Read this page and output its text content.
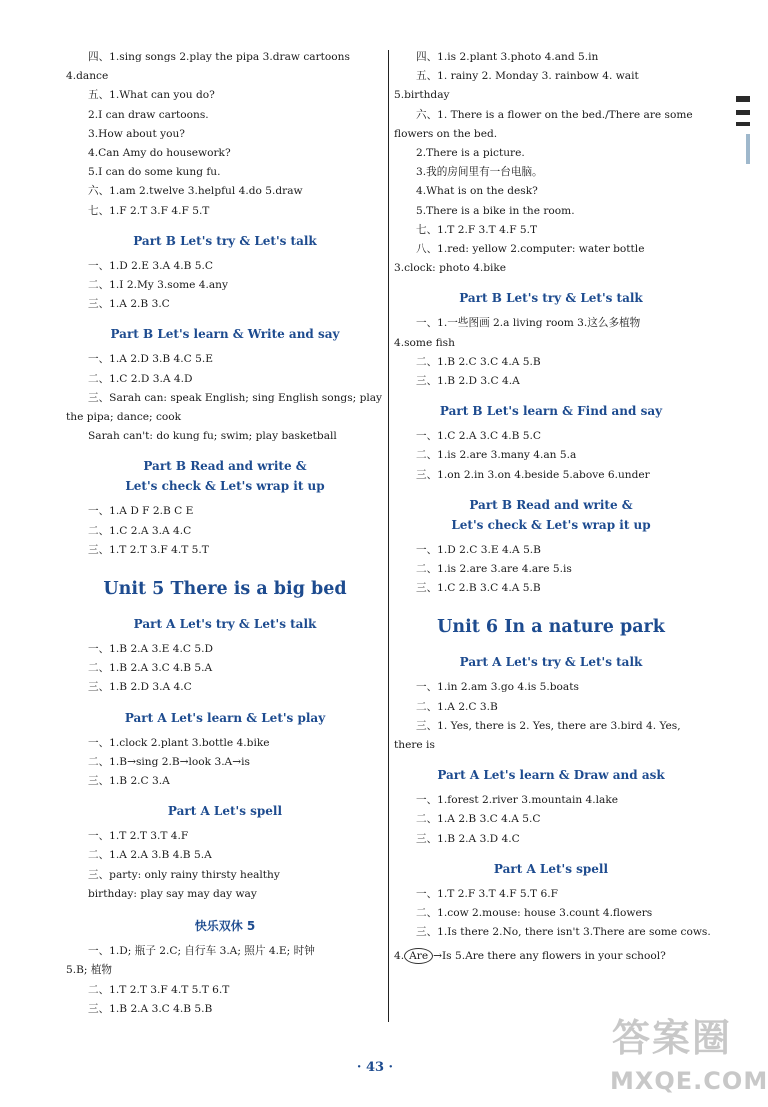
四、1.sing songs 2.play the pipa 3.draw cartoons
4.dance
五、1.What can you do?
2.I can draw cartoons.
3.How about you?
4.Can Amy do housework?
5.I can do some kung fu.
六、1.am 2.twelve 3.helpful 4.do 5.draw
七、1.F 2.T 3.F 4.F 5.T
Part B Let's try & Let's talk
一、1.D 2.E 3.A 4.B 5.C
二、1.I 2.My 3.some 4.any
三、1.A 2.B 3.C
Part B Let's learn & Write and say
一、1.A 2.D 3.B 4.C 5.E
二、1.C 2.D 3.A 4.D
三、Sarah can: speak English; sing English songs; play
the pipa; dance; cook
Sarah can't: do kung fu; swim; play basketball
Part B Read and write &
Let's check & Let's wrap it up
一、1.A D F 2.B C E
二、1.C 2.A 3.A 4.C
三、1.T 2.T 3.F 4.T 5.T
Unit 5 There is a big bed
Part A Let's try & Let's talk
一、1.B 2.A 3.E 4.C 5.D
二、1.B 2.A 3.C 4.B 5.A
三、1.B 2.D 3.A 4.C
Part A Let's learn & Let's play
一、1.clock 2.plant 3.bottle 4.bike
二、1.B→sing 2.B→look 3.A→is
三、1.B 2.C 3.A
Part A Let's spell
一、1.T 2.T 3.T 4.F
二、1.A 2.A 3.B 4.B 5.A
三、party: only rainy thirsty healthy
birthday: play say may day way
快乐双休 5
一、1.D; 瓶子 2.C; 自行车 3.A; 照片 4.E; 时钟
5.B; 植物
二、1.T 2.T 3.F 4.T 5.T 6.T
三、1.B 2.A 3.C 4.B 5.B
四、1.is 2.plant 3.photo 4.and 5.in
五、1. rainy 2. Monday 3. rainbow 4. wait
5.birthday
六、1. There is a flower on the bed./There are some
flowers on the bed.
2.There is a picture.
3.我的房间里有一台电脑。
4.What is on the desk?
5.There is a bike in the room.
七、1.T 2.F 3.T 4.F 5.T
八、1.red: yellow 2.computer: water bottle
3.clock: photo 4.bike
Part B Let's try & Let's talk
一、1.一些图画 2.a living room 3.这么多植物
4.some fish
二、1.B 2.C 3.C 4.A 5.B
三、1.B 2.D 3.C 4.A
Part B Let's learn & Find and say
一、1.C 2.A 3.C 4.B 5.C
二、1.is 2.are 3.many 4.an 5.a
三、1.on 2.in 3.on 4.beside 5.above 6.under
Part B Read and write &
Let's check & Let's wrap it up
一、1.D 2.C 3.E 4.A 5.B
二、1.is 2.are 3.are 4.are 5.is
三、1.C 2.B 3.C 4.A 5.B
Unit 6 In a nature park
Part A Let's try & Let's talk
一、1.in 2.am 3.go 4.is 5.boats
二、1.A 2.C 3.B
三、1. Yes, there is 2. Yes, there are 3.bird 4. Yes,
there is
Part A Let's learn & Draw and ask
一、1.forest 2.river 3.mountain 4.lake
二、1.A 2.B 3.C 4.A 5.C
三、1.B 2.A 3.D 4.C
Part A Let's spell
一、1.T 2.F 3.T 4.F 5.T 6.F
二、1.cow 2.mouse: house 3.count 4.flowers
三、1.Is there 2.No, there isn't 3.There are some cows.
4. Are →Is 5.Are there any flowers in your school?
· 43 ·
答案圈
MXQE.COM
